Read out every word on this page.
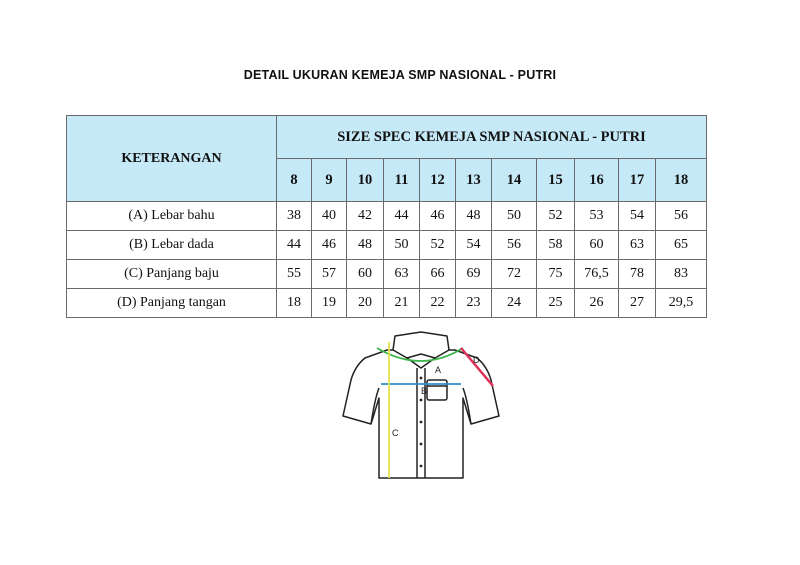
DETAIL UKURAN KEMEJA SMP NASIONAL - PUTRI
KETERANGAN	SIZE SPEC KEMEJA SMP NASIONAL - PUTRI										
	8	9	10	11	12	13	14	15	16	17	18
(A) Lebar bahu	38	40	42	44	46	48	50	52	53	54	56
(B) Lebar dada	44	46	48	50	52	54	56	58	60	63	65
(C) Panjang baju	55	57	60	63	66	69	72	75	76,5	78	83
(D) Panjang tangan	18	19	20	21	22	23	24	25	26	27	29,5
A
B
C
D
